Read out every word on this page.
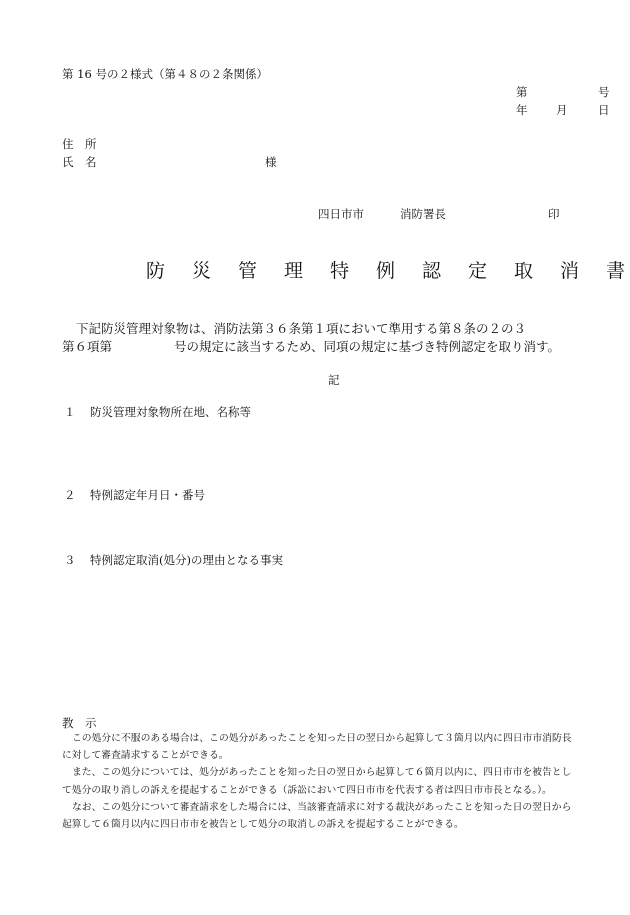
第 16 号の２様式（第４８の２条関係）
第	号
年 月	日
住　所
氏　名	様
四日市市	消防署長	印
防 災 管 理 特 例 認 定 取 消 書
下記防災管理対象物は、消防法第３６条第１項において準用する第８条の２の３
第６項第	号の規定に該当するため、同項の規定に基づき特例認定を取り消す。
記
１ 防災管理対象物所在地、名称等
２ 特例認定年月日・番号
３ 特例認定取消(処分)の理由となる事実
教　示
この処分に不服のある場合は、この処分があったことを知った日の翌日から起算して３箇月以内に四日市市消防長
に対して審査請求することができる。
また、この処分については、処分があったことを知った日の翌日から起算して６箇月以内に、四日市市を被告とし
て処分の取り消しの訴えを提起することができる（訴訟において四日市市を代表する者は四日市市長となる。）。
なお、この処分について審査請求をした場合には、当該審査請求に対する裁決があったことを知った日の翌日から
起算して６箇月以内に四日市市を被告として処分の取消しの訴えを提起することができる。
